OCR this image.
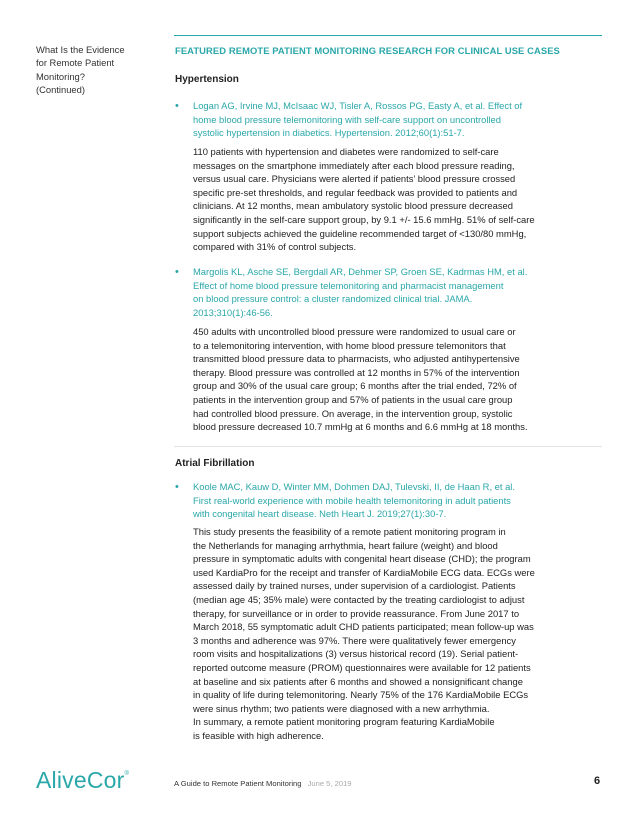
What Is the Evidence
for Remote Patient
Monitoring?
(Continued)
FEATURED REMOTE PATIENT MONITORING RESEARCH FOR CLINICAL USE CASES
Hypertension
• Logan AG, Irvine MJ, McIsaac WJ, Tisler A, Rossos PG, Easty A, et al. Effect of
home blood pressure telemonitoring with self-care support on uncontrolled
systolic hypertension in diabetics. Hypertension. 2012;60(1):51-7.
110 patients with hypertension and diabetes were randomized to self-care
messages on the smartphone immediately after each blood pressure reading,
versus usual care. Physicians were alerted if patients’ blood pressure crossed
specific pre-set thresholds, and regular feedback was provided to patients and
clinicians. At 12 months, mean ambulatory systolic blood pressure decreased
significantly in the self-care support group, by 9.1 +/- 15.6 mmHg. 51% of self-care
support subjects achieved the guideline recommended target of <130/80 mmHg,
compared with 31% of control subjects.
• Margolis KL, Asche SE, Bergdall AR, Dehmer SP, Groen SE, Kadrmas HM, et al.
Effect of home blood pressure telemonitoring and pharmacist management
on blood pressure control: a cluster randomized clinical trial. JAMA.
2013;310(1):46-56.
450 adults with uncontrolled blood pressure were randomized to usual care or
to a telemonitoring intervention, with home blood pressure telemonitors that
transmitted blood pressure data to pharmacists, who adjusted antihypertensive
therapy. Blood pressure was controlled at 12 months in 57% of the intervention
group and 30% of the usual care group; 6 months after the trial ended, 72% of
patients in the intervention group and 57% of patients in the usual care group
had controlled blood pressure. On average, in the intervention group, systolic
blood pressure decreased 10.7 mmHg at 6 months and 6.6 mmHg at 18 months.
Atrial Fibrillation
• Koole MAC, Kauw D, Winter MM, Dohmen DAJ, Tulevski, II, de Haan R, et al.
First real-world experience with mobile health telemonitoring in adult patients
with congenital heart disease. Neth Heart J. 2019;27(1):30-7.
This study presents the feasibility of a remote patient monitoring program in
the Netherlands for managing arrhythmia, heart failure (weight) and blood
pressure in symptomatic adults with congenital heart disease (CHD); the program
used KardiaPro for the receipt and transfer of KardiaMobile ECG data. ECGs were
assessed daily by trained nurses, under supervision of a cardiologist. Patients
(median age 45; 35% male) were contacted by the treating cardiologist to adjust
therapy, for surveillance or in order to provide reassurance. From June 2017 to
March 2018, 55 symptomatic adult CHD patients participated; mean follow-up was
3 months and adherence was 97%. There were qualitatively fewer emergency
room visits and hospitalizations (3) versus historical record (19). Serial patient-
reported outcome measure (PROM) questionnaires were available for 12 patients
at baseline and six patients after 6 months and showed a nonsignificant change
in quality of life during telemonitoring. Nearly 75% of the 176 KardiaMobile ECGs
were sinus rhythm; two patients were diagnosed with a new arrhythmia.
In summary, a remote patient monitoring program featuring KardiaMobile
is feasible with high adherence.
AliveCor®
A Guide to Remote Patient Monitoring June 5, 2019	6
